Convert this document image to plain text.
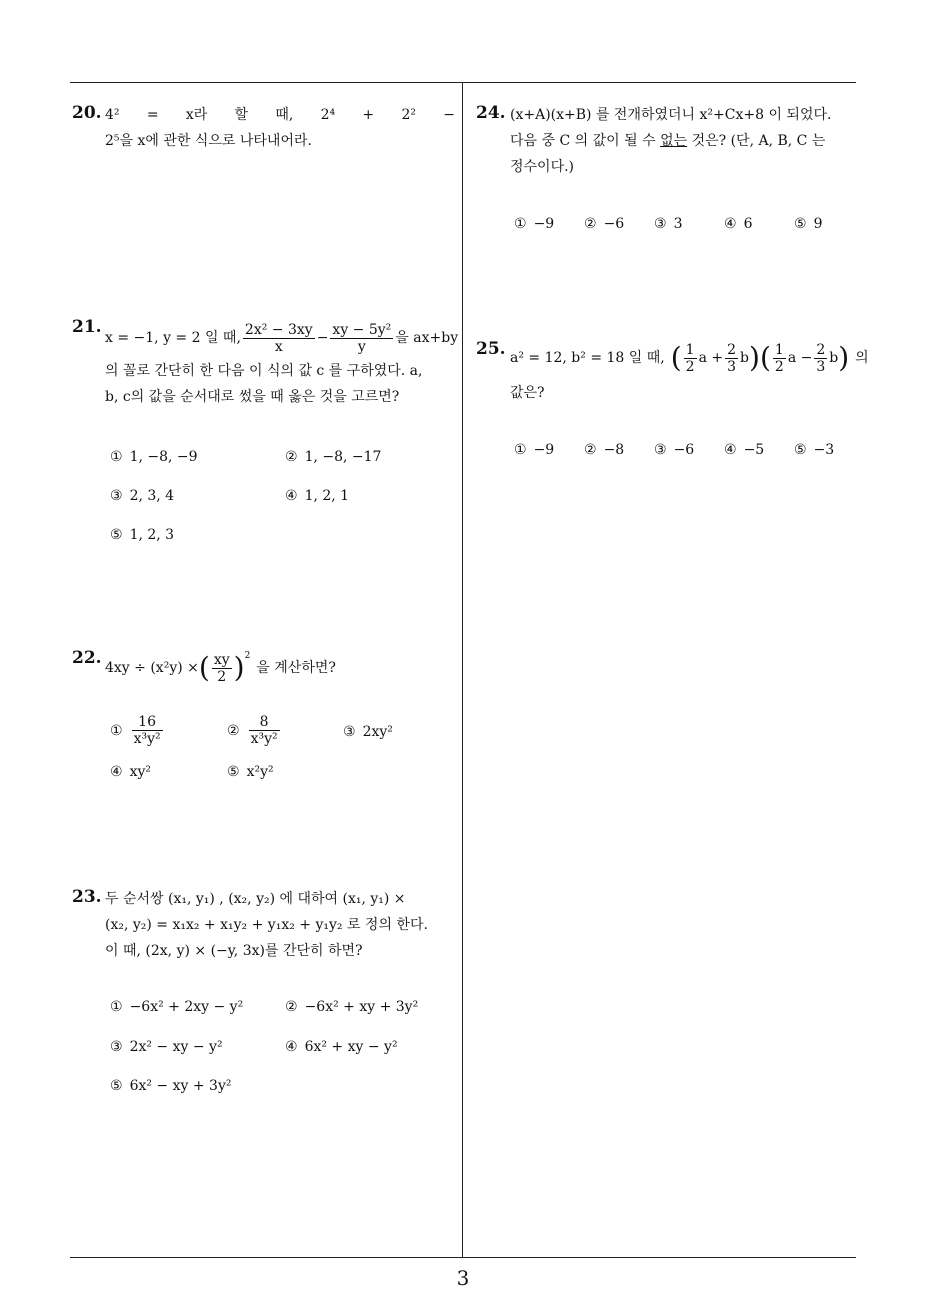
20. 4² = x라 할 때, 2⁴ + 2² −
2⁵을 x에 관한 식으로 나타내어라.
21.
x = −1, y = 2 일 때, $\frac{\text{2x² − 3xy}}{x} - \frac{\text{xy − 5y²}}{y}$ 을 ax+by
의 꼴로 간단히 한 다음 이 식의 값 c 를 구하였다. a,
b, c의 값을 순서대로 썼을 때 옳은 것을 고르면?
① 1, −8, −9	② 1, −8, −17
③ 2, 3, 4	④ 1, 2, 1
⑤ 1, 2, 3
22. 4xy ÷ (x²y) × ( $\frac{xy}{2} )^2$
을 계산하면?
① $\frac{16}{\text{x³y²}}$	② $\frac{8}{\text{x³y²}}$	③ 2xy²
④ xy²	⑤ x²y²
23. 두 순서쌍 (x₁, y₁) , (x₂, y₂) 에 대하여 (x₁, y₁) ×
(x₂, y₂) = x₁x₂ + x₁y₂ + y₁x₂ + y₁y₂ 로 정의 한다.
이 때, (2x, y) × (−y, 3x)를 간단히 하면?
① −6x² + 2xy − y²	② −6x² + xy + 3y²
③ 2x² − xy − y²	④ 6x² + xy − y²
⑤ 6x² − xy + 3y²
24. (x+A)(x+B) 를 전개하였더니 x²+Cx+8 이 되었다.
다음 중 C 의 값이 될 수 없는 것은? (단, A, B, C 는
정수이다.)
① −9 ② −6 ③ 3	④ 6	⑤ 9
25. a² = 12, b² = 18 일 때, ( $\frac{1}{2}$ $a + \frac{2}{3}$ b ) ( $\frac{1}{2}$ $a - \frac{2}{3}$ b ) 의
값은?
① −9 ② −8 ③ −6 ④ −5 ⑤ −3
3
